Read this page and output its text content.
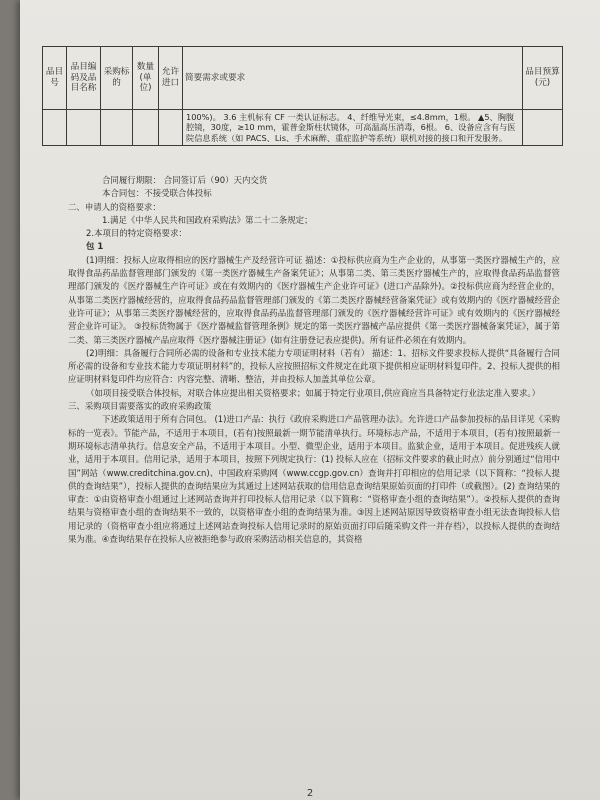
品目号	品目编码及品目名称	采购标的	数量(单位)	允许进口	简要需求或要求	品目预算(元)
					100%)。 3.6 主机标有 CF 一类认证标志。 4、纤维导光束，≤4.8mm，1根。 ▲5、胸腹腔镜，30度，≥10 mm，霍普金斯柱状镜体，可高温高压消毒，6根。 6、设备应含有与医院信息系统（如 PACS、Lis、手术麻醉、重症监护等系统）联机对接的接口和开发服务。	

合同履行期限： 合同签订后（90）天内交货

本合同包：不接受联合体投标

二、申请人的资格要求：

1.满足《中华人民共和国政府采购法》第二十二条规定；

2.本项目的特定资格要求：

包 1

(1)明细：投标人应取得相应的医疗器械生产及经营许可证 描述：①投标供应商为生产企业的，从事第一类医疗器械生产的，应取得食品药品监督管理部门颁发的《第一类医疗器械生产备案凭证》；从事第二类、第三类医疗器械生产的，应取得食品药品监督管理部门颁发的《医疗器械生产许可证》或在有效期内的《医疗器械生产企业许可证》(进口产品除外)。②投标供应商为经营企业的，从事第二类医疗器械经营的，应取得食品药品监督管理部门颁发的《第二类医疗器械经营备案凭证》或有效期内的《医疗器械经营企业许可证》；从事第三类医疗器械经营的，应取得食品药品监督管理部门颁发的《医疗器械经营许可证》或有效期内的《医疗器械经营企业许可证》。 ③投标货物属于《医疗器械监督管理条例》规定的第一类医疗器械产品应提供《第一类医疗器械备案凭证》，属于第二类、第三类医疗器械产品应取得《医疗器械注册证》(如有注册登记表应提供)。所有证件必须在有效期内。

(2)明细：具备履行合同所必需的设备和专业技术能力专项证明材料（若有） 描述：1、招标文件要求投标人提供“具备履行合同所必需的设备和专业技术能力专项证明材料”的，投标人应按照招标文件规定在此项下提供相应证明材料复印件。2、投标人提供的相应证明材料复印件均应符合：内容完整、清晰、整洁，并由投标人加盖其单位公章。

（如项目接受联合体投标，对联合体应提出相关资格要求；如属于特定行业项目,供应商应当具备特定行业法定准入要求。）

三、采购项目需要落实的政府采购政策

下述政策适用于所有合同包。 (1)进口产品：执行《政府采购进口产品管理办法》。允许进口产品参加投标的品目详见《采购标的一览表》。节能产品，不适用于本项目，(若有)按照最新一期节能清单执行。环境标志产品，不适用于本项目，(若有)按照最新一期环境标志清单执行。信息安全产品，不适用于本项目。小型、微型企业，适用于本项目。监狱企业，适用于本项目。促进残疾人就业，适用于本项目。信用记录，适用于本项目，按照下列规定执行：(1) 投标人应在（招标文件要求的截止时点）前分别通过“信用中国”网站（www.creditchina.gov.cn)、中国政府采购网（www.ccgp.gov.cn）查询并打印相应的信用记录（以下简称：“投标人提供的查询结果”），投标人提供的查询结果应为其通过上述网站获取的信用信息查询结果原始页面的打印件（或截图）。(2) 查询结果的审查：①由资格审查小组通过上述网站查询并打印投标人信用记录（以下简称：“资格审查小组的查询结果”）。②投标人提供的查询结果与资格审查小组的查询结果不一致的，以资格审查小组的查询结果为准。③因上述网站原因导致资格审查小组无法查询投标人信用记录的（资格审查小组应将通过上述网站查询投标人信用记录时的原始页面打印后随采购文件一并存档），以投标人提供的查询结果为准。④查询结果存在投标人应被拒绝参与政府采购活动相关信息的，其资格

2
